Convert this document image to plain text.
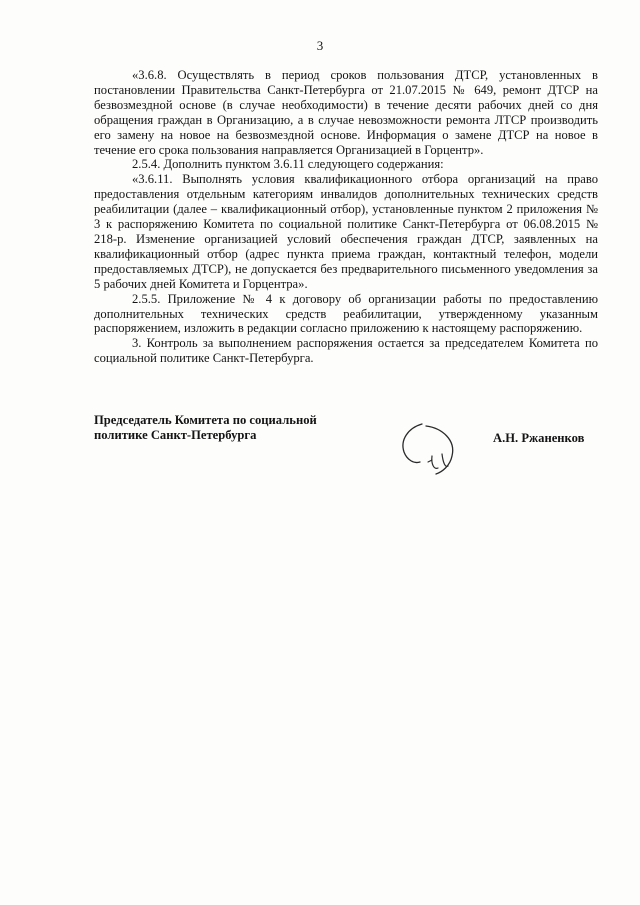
3

«3.6.8. Осуществлять в период сроков пользования ДТСР, установленных в постановлении Правительства Санкт-Петербурга от 21.07.2015 № 649, ремонт ДТСР на безвозмездной основе (в случае необходимости) в течение десяти рабочих дней со дня обращения граждан в Организацию, а в случае невозможности ремонта ЛТСР производить его замену на новое на безвозмездной основе. Информация о замене ДТСР на новое в течение его срока пользования направляется Организацией в Горцентр».

2.5.4. Дополнить пунктом 3.6.11 следующего содержания:

«3.6.11. Выполнять условия квалификационного отбора организаций на право предоставления отдельным категориям инвалидов дополнительных технических средств реабилитации (далее – квалификационный отбор), установленные пунктом 2 приложения № 3 к распоряжению Комитета по социальной политике Санкт-Петербурга от 06.08.2015 № 218-р. Изменение организацией условий обеспечения граждан ДТСР, заявленных на квалификационный отбор (адрес пункта приема граждан, контактный телефон, модели предоставляемых ДТСР), не допускается без предварительного письменного уведомления за 5 рабочих дней Комитета и Горцентра».

2.5.5. Приложение № 4 к договору об организации работы по предоставлению дополнительных технических средств реабилитации, утвержденному указанным распоряжением, изложить в редакции согласно приложению к настоящему распоряжению.

3. Контроль за выполнением распоряжения остается за председателем Комитета по социальной политике Санкт-Петербурга.

Председатель Комитета по социальной
политике Санкт-Петербурга	А.Н. Ржаненков
